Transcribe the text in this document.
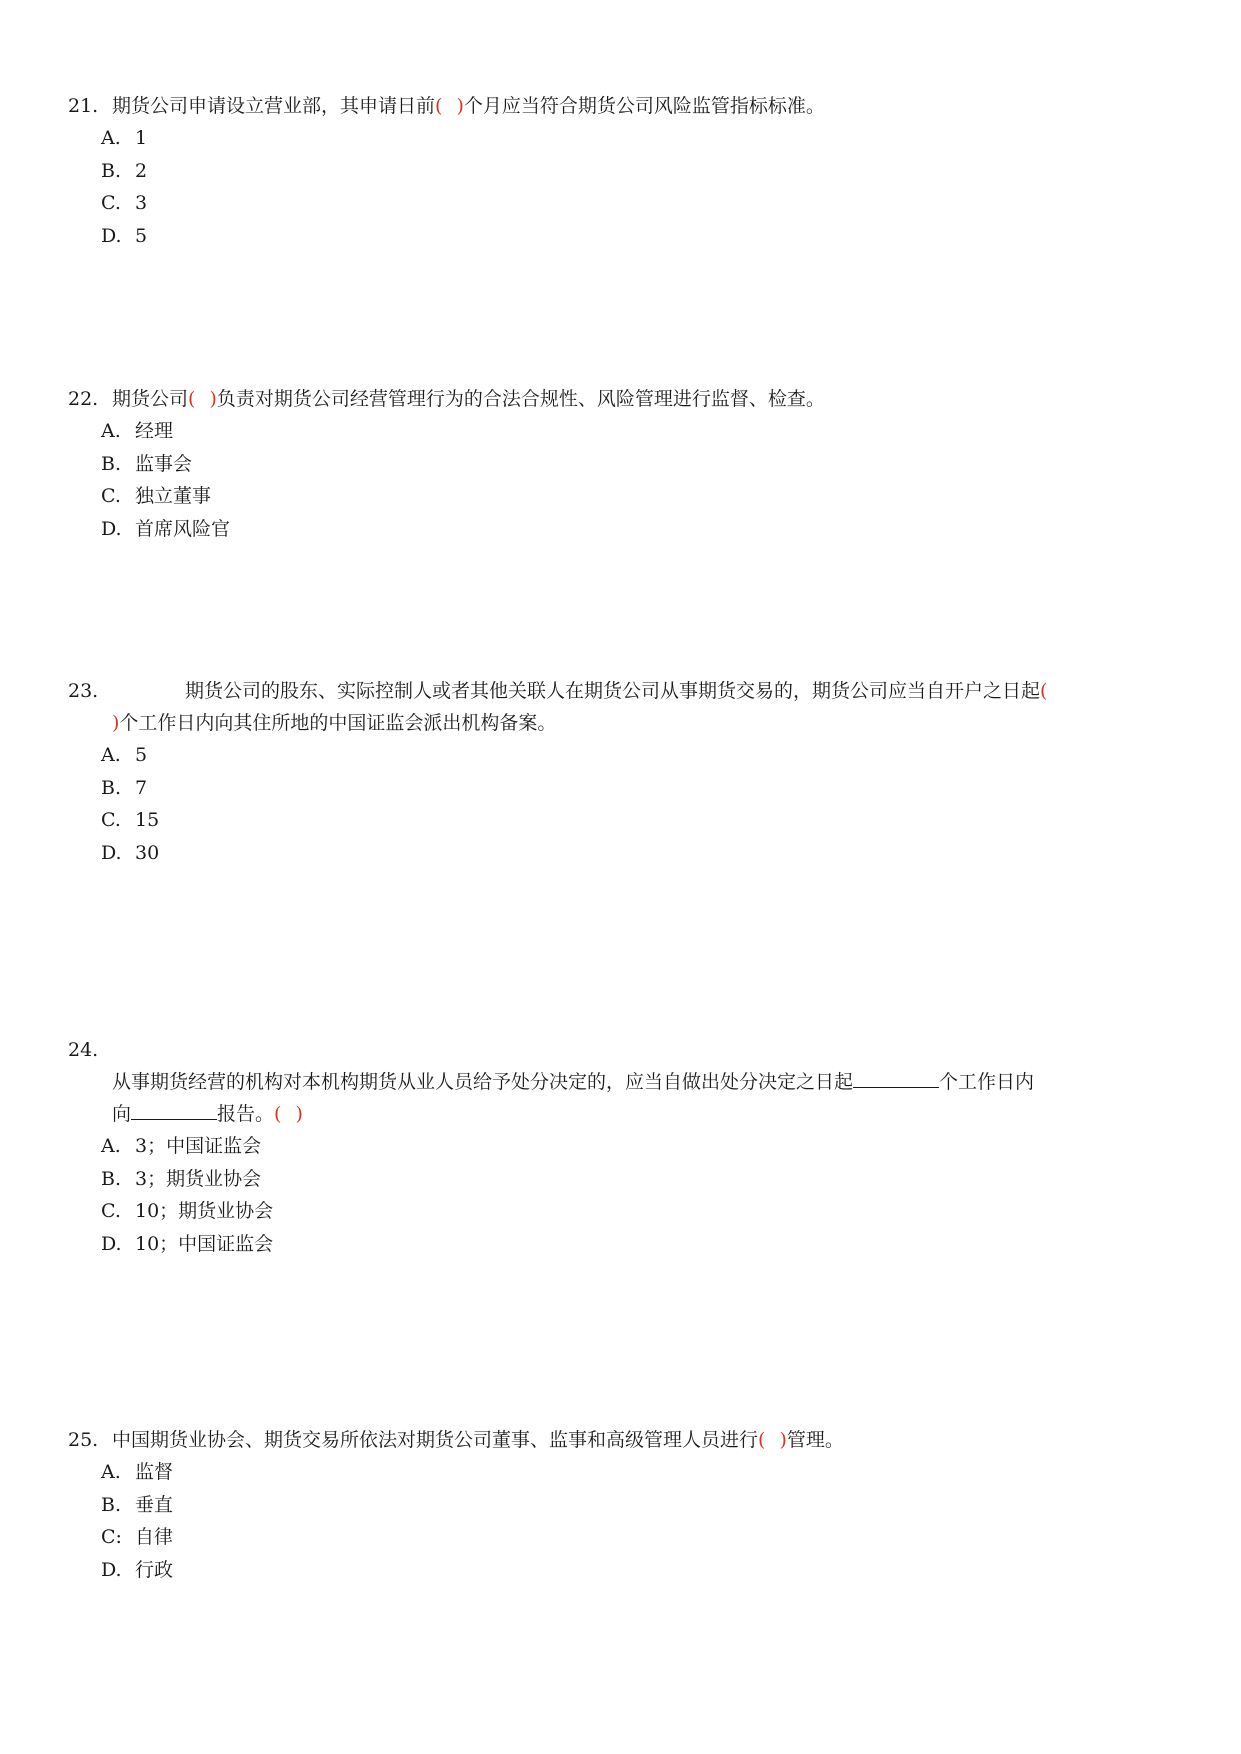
21. 期货公司申请设立营业部，其申请日前( )个月应当符合期货公司风险监管指标标准。
A. 1
B. 2
C. 3
D. 5
22. 期货公司( )负责对期货公司经营管理行为的合法合规性、风险管理进行监督、检查。
A. 经理
B. 监事会
C. 独立董事
D. 首席风险官
23.	期货公司的股东、实际控制人或者其他关联人在期货公司从事期货交易的，期货公司应当自开户之日起(
)个工作日内向其住所地的中国证监会派出机构备案。
A. 5
B. 7
C. 15
D. 30
24.
从事期货经营的机构对本机构期货从业人员给予处分决定的，应当自做出处分决定之日起	个工作日内
向	报告。( )
A. 3；中国证监会
B. 3；期货业协会
C. 10；期货业协会
D. 10；中国证监会
25. 中国期货业协会、期货交易所依法对期货公司董事、监事和高级管理人员进行( )管理。
A. 监督
B. 垂直
C: 自律
D. 行政
